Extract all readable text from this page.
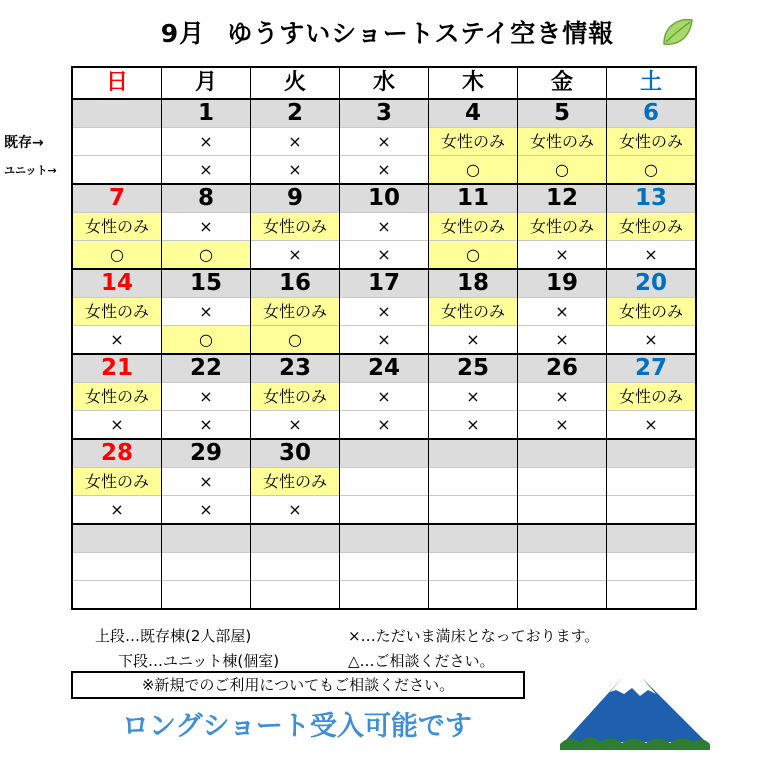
9月 ゆうすいショートステイ空き情報
既存→
ユニット→
日	月	火	水	木	金	土
	1	2	3	4	5	6
	×	×	×	女性のみ	女性のみ	女性のみ
	×	×	×	○	○	○
7	8	9	10	11	12	13
女性のみ	×	女性のみ	×	女性のみ	女性のみ	女性のみ
○	○	×	×	○	×	×
14	15	16	17	18	19	20
女性のみ	×	女性のみ	×	女性のみ	×	女性のみ
×	○	○	×	×	×	×
21	22	23	24	25	26	27
女性のみ	×	女性のみ	×	×	×	女性のみ
×	×	×	×	×	×	×
28	29	30				
女性のみ	×	女性のみ				
×	×	×				

上段…既存棟(2人部屋)
下段…ユニット棟(個室)
×…ただいま満床となっております。
△…ご相談ください。
※新規でのご利用についてもご相談ください。
ロングショート受入可能です
